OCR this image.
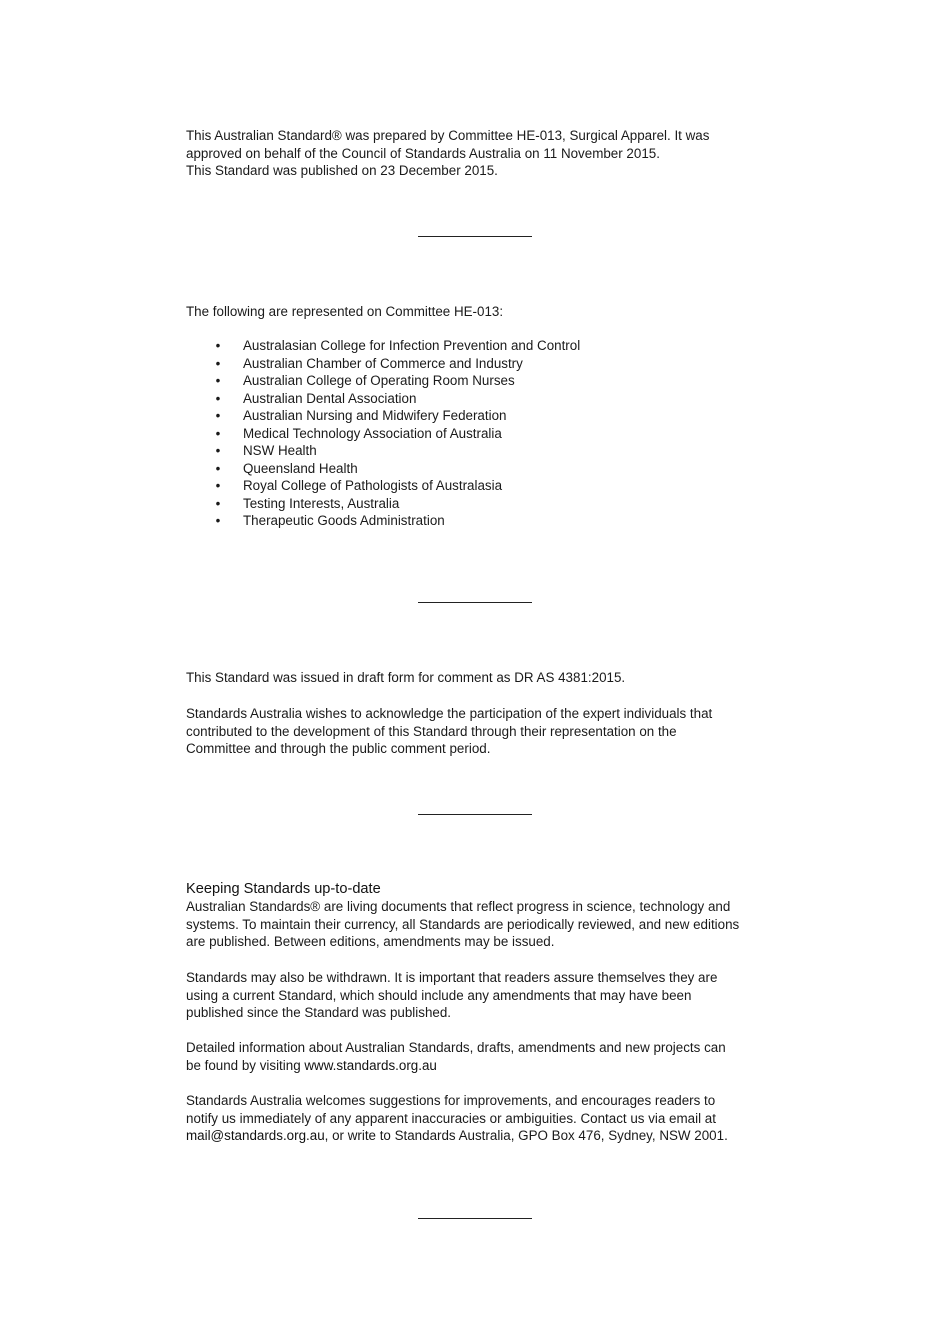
This Australian Standard® was prepared by Committee HE-013, Surgical Apparel. It was
approved on behalf of the Council of Standards Australia on 11 November 2015.
This Standard was published on 23 December 2015.

The following are represented on Committee HE-013:

• Australasian College for Infection Prevention and Control
• Australian Chamber of Commerce and Industry
• Australian College of Operating Room Nurses
• Australian Dental Association
• Australian Nursing and Midwifery Federation
• Medical Technology Association of Australia
• NSW Health
• Queensland Health
• Royal College of Pathologists of Australasia
• Testing Interests, Australia
• Therapeutic Goods Administration

This Standard was issued in draft form for comment as DR AS 4381:2015.

Standards Australia wishes to acknowledge the participation of the expert individuals that
contributed to the development of this Standard through their representation on the
Committee and through the public comment period.

Keeping Standards up-to-date

Australian Standards® are living documents that reflect progress in science, technology and
systems. To maintain their currency, all Standards are periodically reviewed, and new editions
are published. Between editions, amendments may be issued.

Standards may also be withdrawn. It is important that readers assure themselves they are
using a current Standard, which should include any amendments that may have been
published since the Standard was published.

Detailed information about Australian Standards, drafts, amendments and new projects can
be found by visiting www.standards.org.au

Standards Australia welcomes suggestions for improvements, and encourages readers to
notify us immediately of any apparent inaccuracies or ambiguities. Contact us via email at
mail@standards.org.au, or write to Standards Australia, GPO Box 476, Sydney, NSW 2001.
